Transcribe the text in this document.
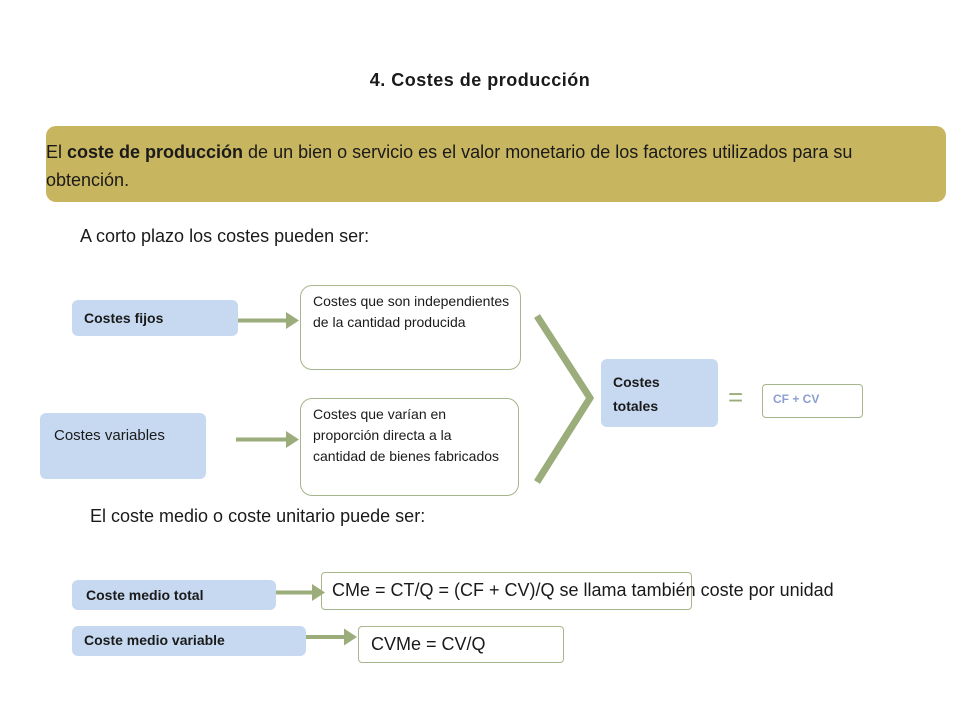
4. Costes de producción
El coste de producción de un bien o servicio es el valor monetario de los factores utilizados para su obtención.
A corto plazo los costes pueden ser:
Costes fijos
Costes que son independientes de la cantidad producida
Costes variables
Costes que varían en proporción directa a la cantidad de bienes fabricados
Costes totales	=	CF + CV
El coste medio o coste unitario puede ser:
Coste medio total	CMe = CT/Q = (CF + CV)/Q se llama también coste por unidad
Coste medio variable	CVMe = CV/Q
